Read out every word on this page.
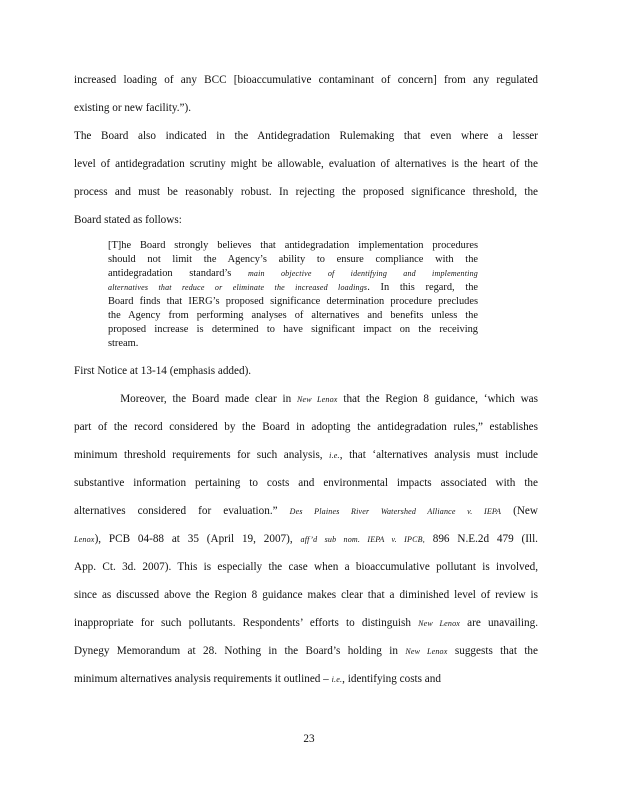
increased loading of any BCC [bioaccumulative contaminant of concern] from any regulated
existing or new facility.”).
The Board also indicated in the Antidegradation Rulemaking that even where a lesser
level of antidegradation scrutiny might be allowable, evaluation of alternatives is the heart of the
process and must be reasonably robust. In rejecting the proposed significance threshold, the
Board stated as follows:
[T]he Board strongly believes that antidegradation implementation procedures
should not limit the Agency’s ability to ensure compliance with the
antidegradation standard’s main objective of identifying and implementing
alternatives that reduce or eliminate the increased loadings. In this regard, the
Board finds that IERG’s proposed significance determination procedure precludes
the Agency from performing analyses of alternatives and benefits unless the
proposed increase is determined to have significant impact on the receiving
stream.
First Notice at 13-14 (emphasis added).
Moreover, the Board made clear in New Lenox that the Region 8 guidance, ‘which was
part of the record considered by the Board in adopting the antidegradation rules,” establishes
minimum threshold requirements for such analysis, i.e., that ‘alternatives analysis must include
substantive information pertaining to costs and environmental impacts associated with the
alternatives considered for evaluation.” Des Plaines River Watershed Alliance v. IEPA (New
Lenox), PCB 04-88 at 35 (April 19, 2007), aff’d sub nom. IEPA v. IPCB, 896 N.E.2d 479 (Ill.
App. Ct. 3d. 2007). This is especially the case when a bioaccumulative pollutant is involved,
since as discussed above the Region 8 guidance makes clear that a diminished level of review is
inappropriate for such pollutants. Respondents’ efforts to distinguish New Lenox are unavailing.
Dynegy Memorandum at 28. Nothing in the Board’s holding in New Lenox suggests that the
minimum alternatives analysis requirements it outlined – i.e., identifying costs and
23
